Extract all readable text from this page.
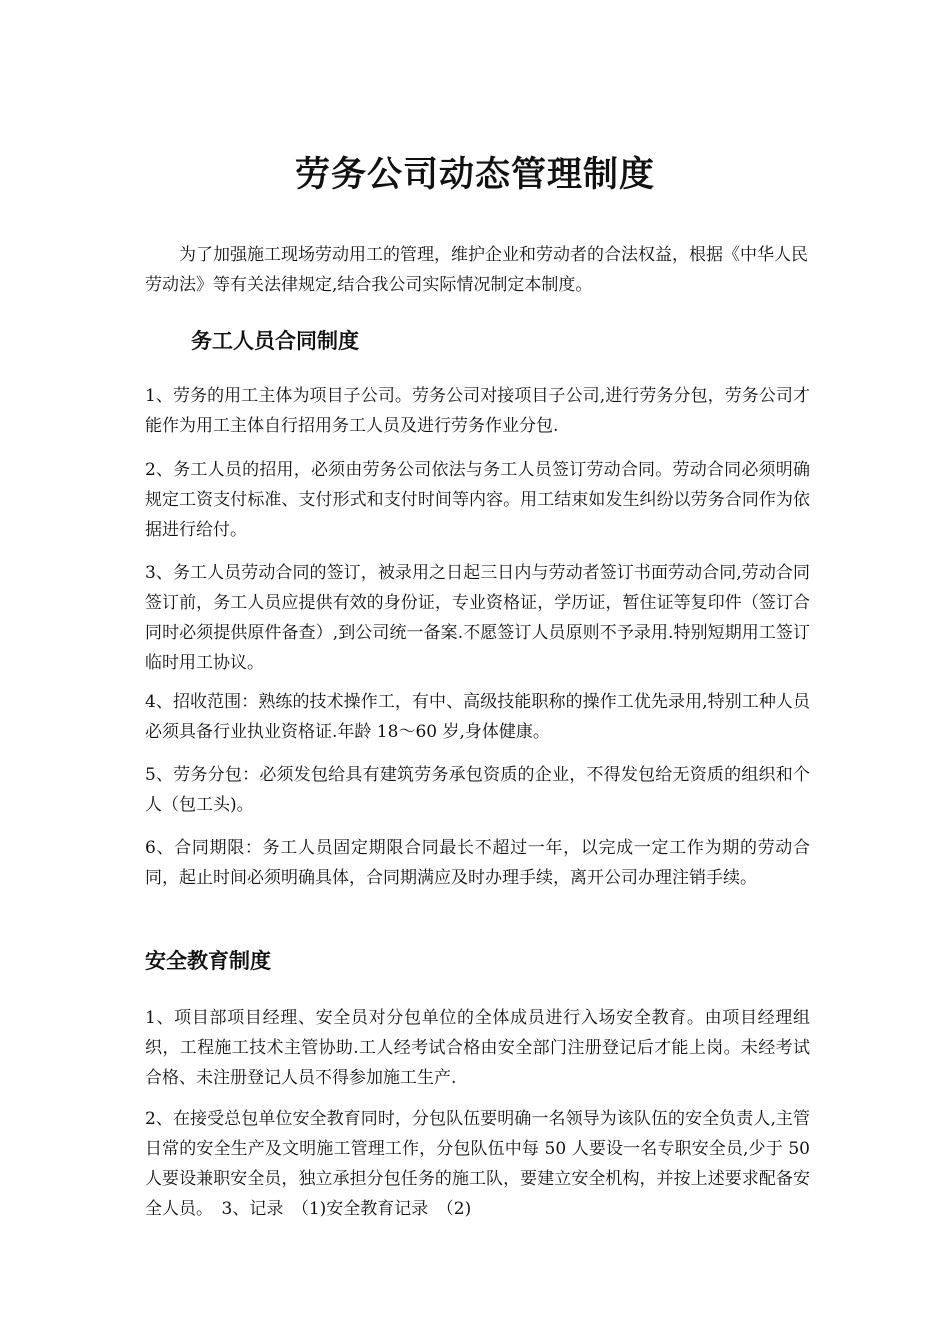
劳务公司动态管理制度

为了加强施工现场劳动用工的管理，维护企业和劳动者的合法权益，根据《中华人民劳动法》等有关法律规定,结合我公司实际情况制定本制度。

务工人员合同制度

1、劳务的用工主体为项目子公司。劳务公司对接项目子公司,进行劳务分包，劳务公司才能作为用工主体自行招用务工人员及进行劳务作业分包.

2、务工人员的招用，必须由劳务公司依法与务工人员签订劳动合同。劳动合同必须明确规定工资支付标准、支付形式和支付时间等内容。用工结束如发生纠纷以劳务合同作为依据进行给付。

3、务工人员劳动合同的签订，被录用之日起三日内与劳动者签订书面劳动合同,劳动合同签订前，务工人员应提供有效的身份证，专业资格证，学历证，暂住证等复印件（签订合同时必须提供原件备查）,到公司统一备案.不愿签订人员原则不予录用.特别短期用工签订临时用工协议。

4、招收范围：熟练的技术操作工，有中、高级技能职称的操作工优先录用,特别工种人员必须具备行业执业资格证.年龄 18～60 岁,身体健康。

5、劳务分包：必须发包给具有建筑劳务承包资质的企业，不得发包给无资质的组织和个人（包工头)。

6、合同期限：务工人员固定期限合同最长不超过一年，以完成一定工作为期的劳动合同，起止时间必须明确具体，合同期满应及时办理手续，离开公司办理注销手续。

安全教育制度

1、项目部项目经理、安全员对分包单位的全体成员进行入场安全教育。由项目经理组织，工程施工技术主管协助.工人经考试合格由安全部门注册登记后才能上岗。未经考试合格、未注册登记人员不得参加施工生产.

2、在接受总包单位安全教育同时，分包队伍要明确一名领导为该队伍的安全负责人,主管日常的安全生产及文明施工管理工作，分包队伍中每 50 人要设一名专职安全员,少于 50 人要设兼职安全员，独立承担分包任务的施工队，要建立安全机构，并按上述要求配备安全人员。　3、记录　（1)安全教育记录　（2)
